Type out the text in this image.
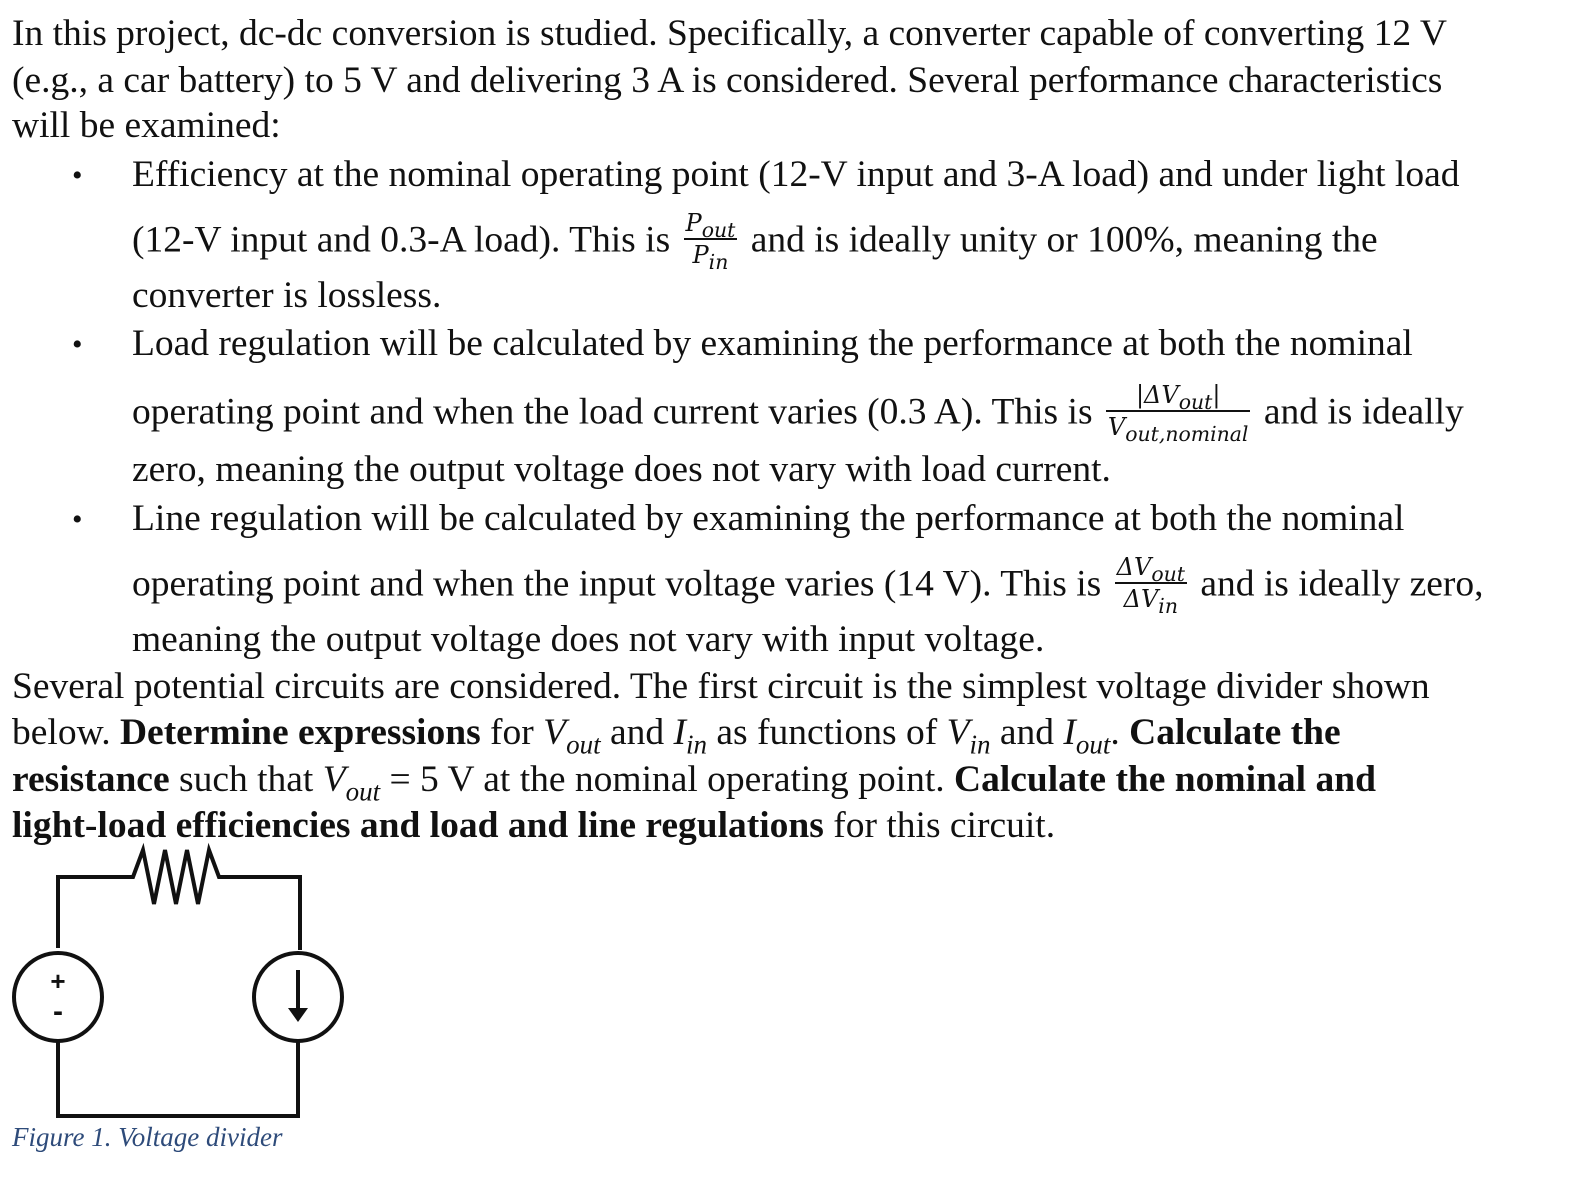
In this project, dc-dc conversion is studied. Specifically, a converter capable of converting 12 V
(e.g., a car battery) to 5 V and delivering 3 A is considered. Several performance characteristics
will be examined:
• Efficiency at the nominal operating point (12-V input and 3-A load) and under light load
(12-V input and 0.3-A load). This is $\frac{P_{out}}{P_{in}}$ and is ideally unity or 100%, meaning the
converter is lossless.
• Load regulation will be calculated by examining the performance at both the nominal
operating point and when the load current varies (0.3 A). This is $\frac{|\Delta V_{out}|}{V_{out,nominal}}$ and is ideally
zero, meaning the output voltage does not vary with load current.
• Line regulation will be calculated by examining the performance at both the nominal
operating point and when the input voltage varies (14 V). This is $\frac{\Delta V_{out}}{\Delta V_{in}}$ and is ideally zero,
meaning the output voltage does not vary with input voltage.
Several potential circuits are considered. The first circuit is the simplest voltage divider shown
below. Determine expressions for $V_{out}$ and $I_{in}$ as functions of $V_{in}$ and $I_{out}$. Calculate the
resistance such that $V_{out} = 5$ V at the nominal operating point. Calculate the nominal and
light-load efficiencies and load and line regulations for this circuit.
+
-
Figure 1. Voltage divider
